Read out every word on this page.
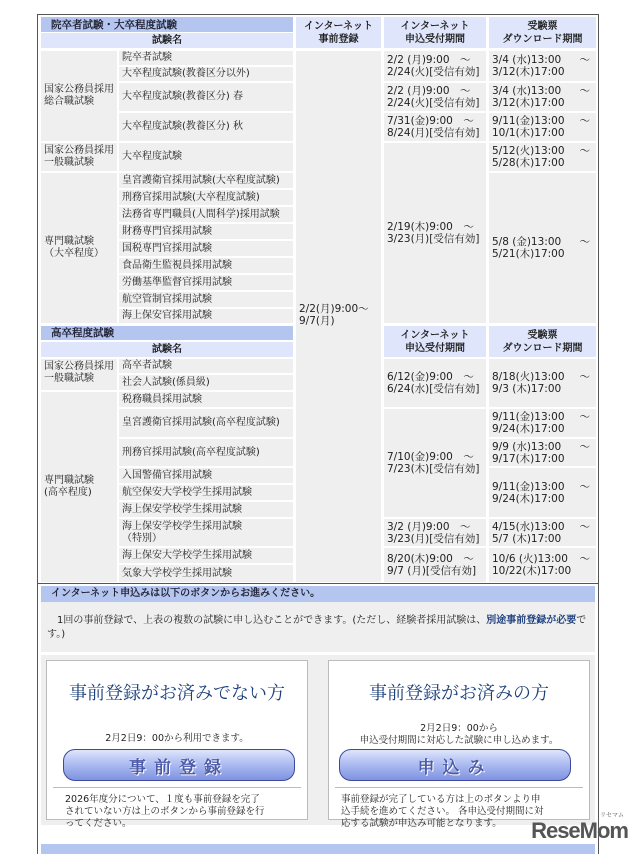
院卒者試験・大卒程度試験
試験名
インターネット
事前登録
インターネット
申込受付期間
受験票
ダウンロード期間
国家公務員採用
総合職試験
国家公務員採用
一般職試験
専門職試験
（大卒程度）
院卒者試験
大卒程度試験(教養区分以外)
大卒程度試験(教養区分) 春
大卒程度試験(教養区分) 秋
大卒程度試験
皇宮護衛官採用試験(大卒程度試験)
刑務官採用試験(大卒程度試験)
法務省専門職員(人間科学)採用試験
財務専門官採用試験
国税専門官採用試験
食品衛生監視員採用試験
労働基準監督官採用試験
航空管制官採用試験
海上保安官採用試験
2/2(月)9:00～
9/7(月)
2/2 (月)9:00　～
2/24(火)[受信有効]
2/2 (月)9:00　～
2/24(火)[受信有効]
7/31(金)9:00　～
8/24(月)[受信有効]
2/19(木)9:00　～
3/23(月)[受信有効]
3/4 (水)13:00 ～
3/12(木)17:00
3/4 (水)13:00 ～
3/12(木)17:00
9/11(金)13:00 ～
10/1(木)17:00
5/12(火)13:00 ～
5/28(木)17:00
5/8 (金)13:00 ～
5/21(木)17:00
高卒程度試験
試験名
インターネット
申込受付期間
受験票
ダウンロード期間
国家公務員採用
一般職試験
専門職試験
(高卒程度)
高卒者試験
社会人試験(係員級)
税務職員採用試験
皇宮護衛官採用試験(高卒程度試験)
刑務官採用試験(高卒程度試験)
入国警備官採用試験
航空保安大学校学生採用試験
海上保安学校学生採用試験
海上保安学校学生採用試験
（特別）
海上保安大学校学生採用試験
気象大学校学生採用試験
6/12(金)9:00　～
6/24(水)[受信有効]
7/10(金)9:00　～
7/23(木)[受信有効]
3/2 (月)9:00　～
3/23(月)[受信有効]
8/20(木)9:00　～
9/7 (月)[受信有効]
8/18(火)13:00 ～
9/3 (木)17:00
9/11(金)13:00 ～
9/24(木)17:00
9/9 (水)13:00 ～
9/17(木)17:00
9/11(金)13:00 ～
9/24(木)17:00
4/15(水)13:00 ～
5/7 (木)17:00
10/6 (火)13:00 ～
10/22(木)17:00
インターネット申込みは以下のボタンからお進みください。
　1回の事前登録で、上表の複数の試験に申し込むことができます。(ただし、経験者採用試験は、別途事前登録が必要です。)
事前登録がお済みでない方
2月2日9：00から利用できます。
事前登録
2026年度分について、１度も事前登録を完了
されていない方は上のボタンから事前登録を行
ってください。
事前登録がお済みの方
2月2日9：00から
申込受付期間に対応した試験に申し込めます。
申込み
事前登録が完了している方は上のボタンより申
込手続を進めてください。 各申込受付期間に対
応する試験が申込み可能となります。
リセマム
ReseMom
